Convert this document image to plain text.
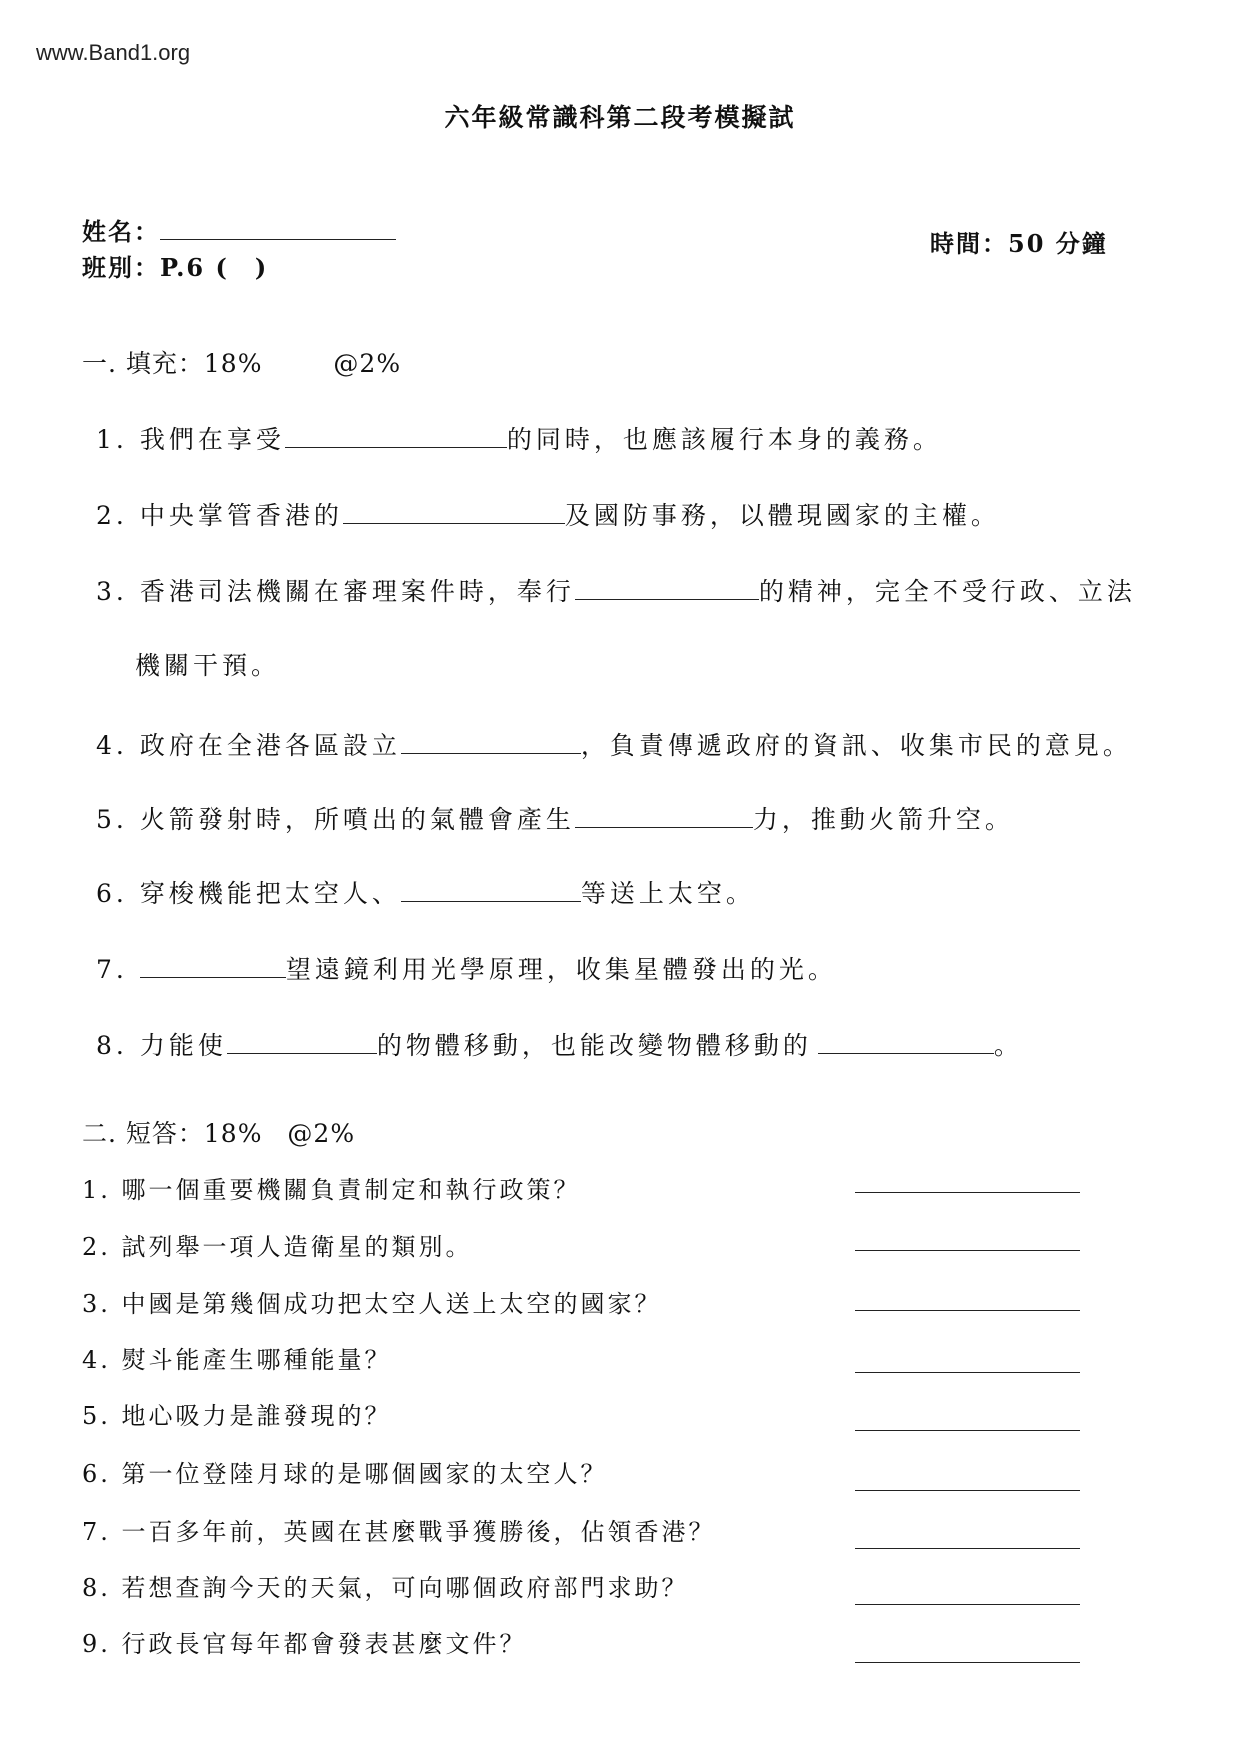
www.Band1.org
六年級常識科第二段考模擬試
姓名：
班別：P.6 (　)
時間：50 分鐘
一. 填充：18%	@2%
1. 我們在享受	的同時，也應該履行本身的義務。
2. 中央掌管香港的	及國防事務，以體現國家的主權。
3. 香港司法機關在審理案件時，奉行	的精神，完全不受行政、立法
機關干預。
4. 政府在全港各區設立	，負責傳遞政府的資訊、收集市民的意見。
5. 火箭發射時，所噴出的氣體會產生	力，推動火箭升空。
6. 穿梭機能把太空人、	等送上太空。
7.	望遠鏡利用光學原理，收集星體發出的光。
8. 力能使	的物體移動，也能改變物體移動的	。
二. 短答：18% @2%
1. 哪一個重要機關負責制定和執行政策？
2. 試列舉一項人造衛星的類別。
3. 中國是第幾個成功把太空人送上太空的國家？
4. 熨斗能產生哪種能量？
5. 地心吸力是誰發現的？
6. 第一位登陸月球的是哪個國家的太空人？
7. 一百多年前，英國在甚麼戰爭獲勝後，佔領香港？
8. 若想查詢今天的天氣，可向哪個政府部門求助？
9. 行政長官每年都會發表甚麼文件？
